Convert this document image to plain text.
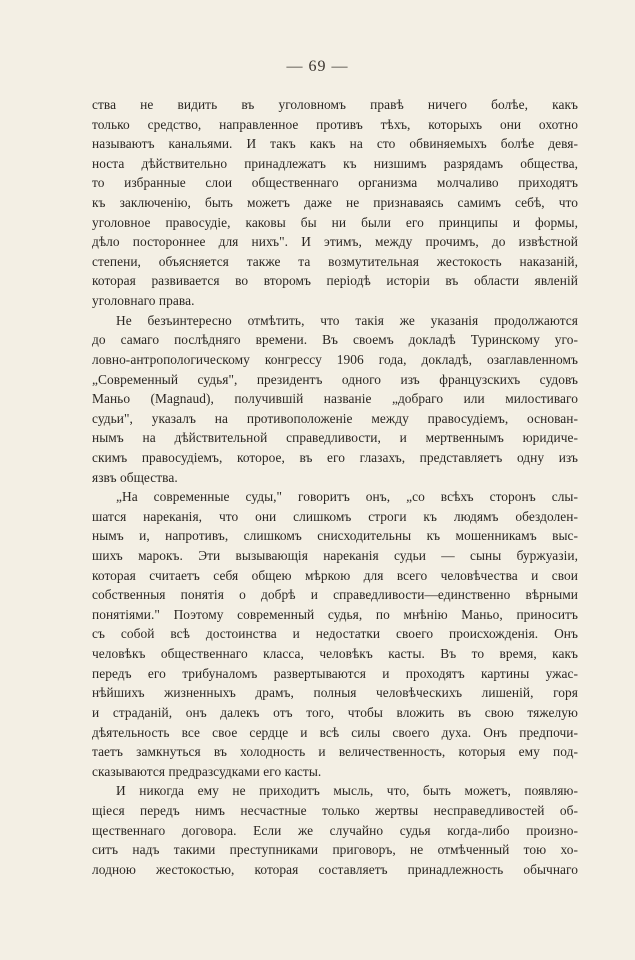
— 69 —
ства не видить въ уголовномъ правѣ ничего болѣе, какъ
только средство, направленное противъ тѣхъ, которыхъ они охотно
называютъ канальями. И такъ какъ на сто обвиняемыхъ болѣе девя-
носта дѣйствительно принадлежатъ къ низшимъ разрядамъ общества,
то избранные слои общественнаго организма молчаливо приходятъ
къ заключенію, быть можетъ даже не признаваясь самимъ себѣ, что
уголовное правосудіе, каковы бы ни были его принципы и формы,
дѣло постороннее для нихъ". И этимъ, между прочимъ, до извѣстной
степени, объясняется также та возмутительная жестокость наказаній,
которая развивается во второмъ періодѣ исторіи въ области явленій
уголовнаго права.
Не безъинтересно отмѣтить, что такія же указанія продолжаются
до самаго послѣдняго времени. Въ своемъ докладѣ Туринскому уго-
ловно-антропологическому конгрессу 1906 года, докладѣ, озаглавленномъ
„Современный судья", президентъ одного изъ французскихъ судовъ
Маньо (Magnaud), получившій названіе „добраго или милостиваго
судьи", указалъ на противоположеніе между правосудіемъ, основан-
нымъ на дѣйствительной справедливости, и мертвеннымъ юридиче-
скимъ правосудіемъ, которое, въ его глазахъ, представляетъ одну изъ
язвъ общества.
„На современные суды," говоритъ онъ, „со всѣхъ сторонъ слы-
шатся нареканія, что они слишкомъ строги къ людямъ обездолен-
нымъ и, напротивъ, слишкомъ снисходительны къ мошенникамъ выс-
шихъ марокъ. Эти вызывающія нареканія судьи — сыны буржуазіи,
которая считаетъ себя общею мѣркою для всего человѣчества и свои
собственныя понятія о добрѣ и справедливости—единственно вѣрными
понятіями." Поэтому современный судья, по мнѣнію Маньо, приноситъ
съ собой всѣ достоинства и недостатки своего происхожденія. Онъ
человѣкъ общественнаго класса, человѣкъ касты. Въ то время, какъ
передъ его трибуналомъ развертываются и проходятъ картины ужас-
нѣйшихъ жизненныхъ драмъ, полныя человѣческихъ лишеній, горя
и страданій, онъ далекъ отъ того, чтобы вложить въ свою тяжелую
дѣятельность все свое сердце и всѣ силы своего духа. Онъ предпочи-
таетъ замкнуться въ холодность и величественность, которыя ему под-
сказываются предразсудками его касты.
И никогда ему не приходитъ мысль, что, быть можетъ, появляю-
щіеся передъ нимъ несчастные только жертвы несправедливостей об-
щественнаго договора. Если же случайно судья когда-либо произно-
ситъ надъ такими преступниками приговоръ, не отмѣченный тою хо-
лодною жестокостью, которая составляетъ принадлежность обычнаго
